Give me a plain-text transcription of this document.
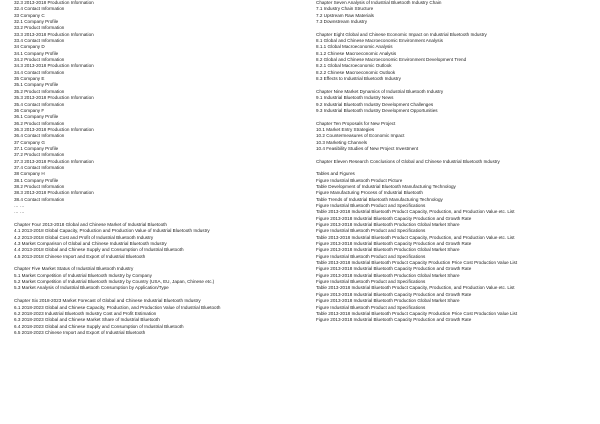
32.3 2013-2018 Production Information
32.4 Contact Information
33 Company C
32.1 Company Profile
33.2 Product Information
33.3 2013-2018 Production Information
33.4 Contact Information
34 Company D
34.1 Company Profile
34.2 Product Information
34.3 2013-2018 Production Information
34.4 Contact Information
35 Company E
35.1 Company Profile
35.2 Product Information
35.3 2013-2018 Production Information
35.4 Contact Information
36 Company F
36.1 Company Profile
36.2 Product Information
36.3 2013-2018 Production Information
36.4 Contact Information
37 Company G
37.1 Company Profile
37.2 Product Information
37.3 2013-2018 Production Information
37.4 Contact Information
38 Company H
38.1 Company Profile
38.2 Product Information
38.3 2013-2018 Production Information
38.4 Contact Information
… …
… …
Chapter Four 2013-2018 Global and Chinese Market of Industrial Bluetooth
4.1 2013-2018 Global Capacity, Production and Production Value of Industrial Bluetooth Industry
4.2 2013-2018 Global Cost and Profit of Industrial Bluetooth Industry
4.3 Market Comparison of Global and Chinese Industrial Bluetooth Industry
4.4 2013-2018 Global and Chinese Supply and Consumption of Industrial Bluetooth
4.5 2013-2018 Chinese Import and Export of Industrial Bluetooth
Chapter Five Market Status of Industrial Bluetooth Industry
5.1 Market Competition of Industrial Bluetooth Industry by Company
5.2 Market Competition of Industrial Bluetooth Industry by Country (USA, EU, Japan, Chinese etc.)
5.3 Market Analysis of Industrial Bluetooth Consumption by Application/Type
Chapter Six 2018-2023 Market Forecast of Global and Chinese Industrial Bluetooth Industry
6.1 2018-2023 Global and Chinese Capacity, Production, and Production Value of Industrial Bluetooth
6.2 2018-2023 Industrial Bluetooth Industry Cost and Profit Estimation
6.3 2018-2023 Global and Chinese Market Share of Industrial Bluetooth
6.4 2018-2023 Global and Chinese Supply and Consumption of Industrial Bluetooth
6.5 2018-2023 Chinese Import and Export of Industrial Bluetooth
Chapter Seven Analysis of Industrial Bluetooth Industry Chain
7.1 Industry Chain Structure
7.2 Upstream Raw Materials
7.3 Downstream Industry
Chapter Eight Global and Chinese Economic Impact on Industrial Bluetooth Industry
8.1 Global and Chinese Macroeconomic Environment Analysis
8.1.1 Global Macroeconomic Analysis
8.1.2 Chinese Macroeconomic Analysis
8.2 Global and Chinese Macroeconomic Environment Development Trend
8.2.1 Global Macroeconomic Outlook
8.2.2 Chinese Macroeconomic Outlook
8.3 Effects to Industrial Bluetooth Industry
Chapter Nine Market Dynamics of Industrial Bluetooth Industry
9.1 Industrial Bluetooth Industry News
9.2 Industrial Bluetooth Industry Development Challenges
9.3 Industrial Bluetooth Industry Development Opportunities
Chapter Ten Proposals for New Project
10.1 Market Entry Strategies
10.2 Countermeasures of Economic Impact
10.3 Marketing Channels
10.4 Feasibility Studies of New Project Investment
Chapter Eleven Research Conclusions of Global and Chinese Industrial Bluetooth Industry
Tables and Figures
Figure Industrial Bluetooth Product Picture
Table Development of Industrial Bluetooth Manufacturing Technology
Figure Manufacturing Process of Industrial Bluetooth
Table Trends of Industrial Bluetooth Manufacturing Technology
Figure Industrial Bluetooth Product and Specifications
Table 2013-2018 Industrial Bluetooth Product Capacity, Production, and Production Value etc. List
Figure 2013-2018 Industrial Bluetooth Capacity Production and Growth Rate
Figure 2013-2018 Industrial Bluetooth Production Global Market Share
Figure Industrial Bluetooth Product and Specifications
Table 2013-2018 Industrial Bluetooth Product Capacity, Production, and Production Value etc. List
Figure 2013-2018 Industrial Bluetooth Capacity Production and Growth Rate
Figure 2013-2018 Industrial Bluetooth Production Global Market Share
Figure Industrial Bluetooth Product and Specifications
Table 2013-2018 Industrial Bluetooth Product Capacity Production Price Cost Production Value List
Figure 2013-2018 Industrial Bluetooth Capacity Production and Growth Rate
Figure 2013-2018 Industrial Bluetooth Production Global Market Share
Figure Industrial Bluetooth Product and Specifications
Table 2013-2018 Industrial Bluetooth Product Capacity, Production, and Production Value etc. List
Figure 2013-2018 Industrial Bluetooth Capacity Production and Growth Rate
Figure 2013-2018 Industrial Bluetooth Production Global Market Share
Figure Industrial Bluetooth Product and Specifications
Table 2013-2018 Industrial Bluetooth Product Capacity Production Price Cost Production Value List
Figure 2013-2018 Industrial Bluetooth Capacity Production and Growth Rate
